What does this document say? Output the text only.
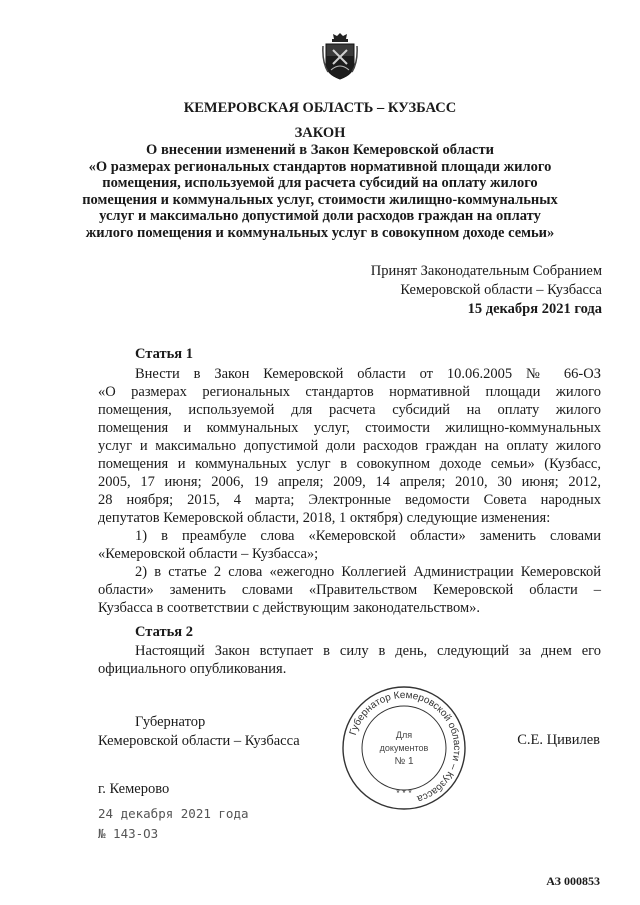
КЕМЕРОВСКАЯ ОБЛАСТЬ – КУЗБАСС
ЗАКОН
О внесении изменений в Закон Кемеровской области
«О размерах региональных стандартов нормативной площади жилого
помещения, используемой для расчета субсидий на оплату жилого
помещения и коммунальных услуг, стоимости жилищно-коммунальных
услуг и максимально допустимой доли расходов граждан на оплату
жилого помещения и коммунальных услуг в совокупном доходе семьи»
Принят Законодательным Собранием
Кемеровской области – Кузбасса
15 декабря 2021 года
Статья 1
Внести в Закон Кемеровской области от 10.06.2005 № 66-ОЗ
«О размерах региональных стандартов нормативной площади жилого
помещения, используемой для расчета субсидий на оплату жилого
помещения и коммунальных услуг, стоимости жилищно-коммунальных
услуг и максимально допустимой доли расходов граждан на оплату жилого
помещения и коммунальных услуг в совокупном доходе семьи» (Кузбасс,
2005, 17 июня; 2006, 19 апреля; 2009, 14 апреля; 2010, 30 июня; 2012,
28 ноября; 2015, 4 марта; Электронные ведомости Совета народных
депутатов Кемеровской области, 2018, 1 октября) следующие изменения:
1) в преамбуле слова «Кемеровской области» заменить словами
«Кемеровской области – Кузбасса»;
2) в статье 2 слова «ежегодно Коллегией Администрации Кемеровской
области» заменить словами «Правительством Кемеровской области –
Кузбасса в соответствии с действующим законодательством».
Статья 2
Настоящий Закон вступает в силу в день, следующий за днем его
официального опубликования.
Губернатор
Кемеровской области – Кузбасса	С.Е. Цивилев
Губернатор Кемеровской области – Кузбасса
Для
документов
№ 1
* * *
г. Кемерово
24 декабря 2021 года
№ 143-ОЗ
АЗ 000853
